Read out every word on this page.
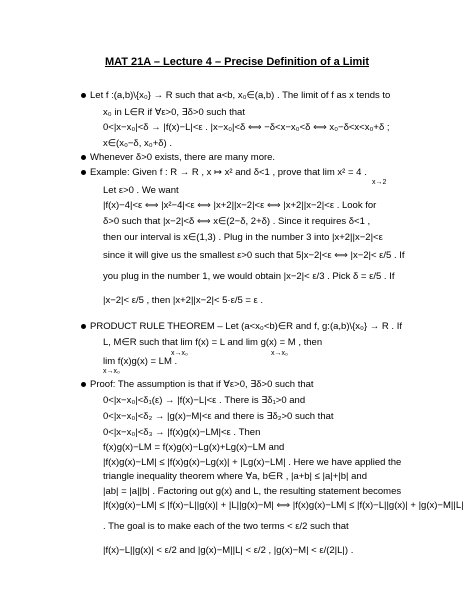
MAT 21A – Lecture 4 – Precise Definition of a Limit
Let f :(a,b)\{x₀} → R such that a<b, x₀∈(a,b) . The limit of f as x tends to
x₀ in L∈R if ∀ε>0, ∃δ>0 such that
0<|x−x₀|<δ → |f(x)−L|<ε . |x−x₀|<δ ⟺ −δ<x−x₀<δ ⟺ x₀−δ<x<x₀+δ ;
x∈(x₀−δ, x₀+δ) .
Whenever δ>0 exists, there are many more.
Example: Given f : R → R , x ↦ x² and δ<1 , prove that lim x² = 4 .
x→2
Let ε>0 . We want
|f(x)−4|<ε ⟺ |x²−4|<ε ⟺ |x+2||x−2|<ε ⟺ |x+2||x−2|<ε . Look for
δ>0 such that |x−2|<δ ⟺ x∈(2−δ, 2+δ) . Since it requires δ<1 ,
then our interval is x∈(1,3) . Plug in the number 3 into |x+2||x−2|<ε
since it will give us the smallest ε>0 such that 5|x−2|<ε ⟺ |x−2|< ε/5 . If
you plug in the number 1, we would obtain |x−2|< ε/3 . Pick δ = ε/5 . If
|x−2|< ε/5 , then |x+2||x−2|< 5·ε/5 = ε .
PRODUCT RULE THEOREM – Let (a<x₀<b)∈R and f, g:(a,b)\{x₀} → R . If
L, M∈R such that lim f(x) = L and lim g(x) = M , then
x→x₀	x→x₀
lim f(x)g(x) = LM .
x→x₀
Proof: The assumption is that if ∀ε>0, ∃δ>0 such that
0<|x−x₀|<δ₁(ε) → |f(x)−L|<ε . There is ∃δ₁>0 and
0<|x−x₀|<δ₂ → |g(x)−M|<ε and there is ∃δ₂>0 such that
0<|x−x₀|<δ₃ → |f(x)g(x)−LM|<ε . Then
f(x)g(x)−LM = f(x)g(x)−Lg(x)+Lg(x)−LM and
|f(x)g(x)−LM| ≤ |f(x)g(x)−Lg(x)| + |Lg(x)−LM| . Here we have applied the
triangle inequality theorem where ∀a, b∈R , |a+b| ≤ |a|+|b| and
|ab| = |a||b| . Factoring out g(x) and L, the resulting statement becomes
|f(x)g(x)−LM| ≤ |f(x)−L||g(x)| + |L||g(x)−M| ⟺ |f(x)g(x)−LM| ≤ |f(x)−L||g(x)| + |g(x)−M||L|
. The goal is to make each of the two terms < ε/2 such that
|f(x)−L||g(x)| < ε/2 and |g(x)−M||L| < ε/2 , |g(x)−M| < ε/(2|L|) .
